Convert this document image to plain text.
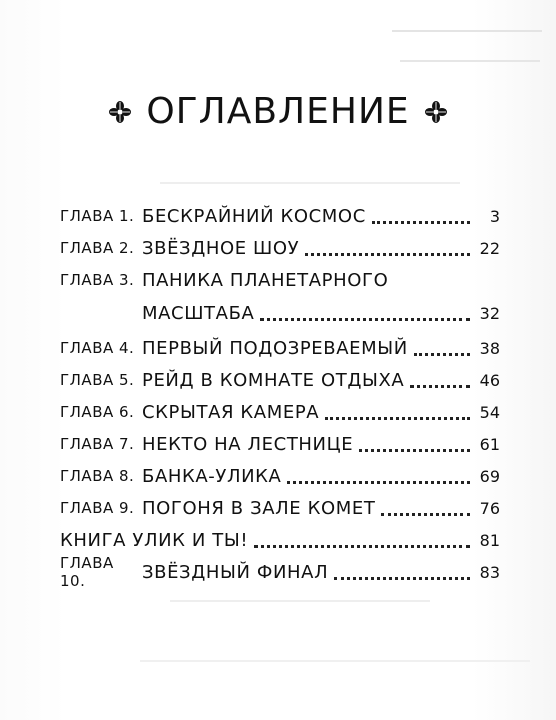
ОГЛАВЛЕНИЕ
ГЛАВА 1. БЕСКРАЙНИЙ КОСМОС	3
ГЛАВА 2. ЗВЁЗДНОЕ ШОУ	22
ГЛАВА 3. ПАНИКА ПЛАНЕТАРНОГО
МАСШТАБА	32
ГЛАВА 4. ПЕРВЫЙ ПОДОЗРЕВАЕМЫЙ	38
ГЛАВА 5. РЕЙД В КОМНАТЕ ОТДЫХА	46
ГЛАВА 6. СКРЫТАЯ КАМЕРА	54
ГЛАВА 7. НЕКТО НА ЛЕСТНИЦЕ	61
ГЛАВА 8. БАНКА-УЛИКА	69
ГЛАВА 9. ПОГОНЯ В ЗАЛЕ КОМЕТ	76
КНИГА УЛИК И ТЫ!	81
ГЛАВА 10.	ЗВЁЗДНЫЙ ФИНАЛ	83
